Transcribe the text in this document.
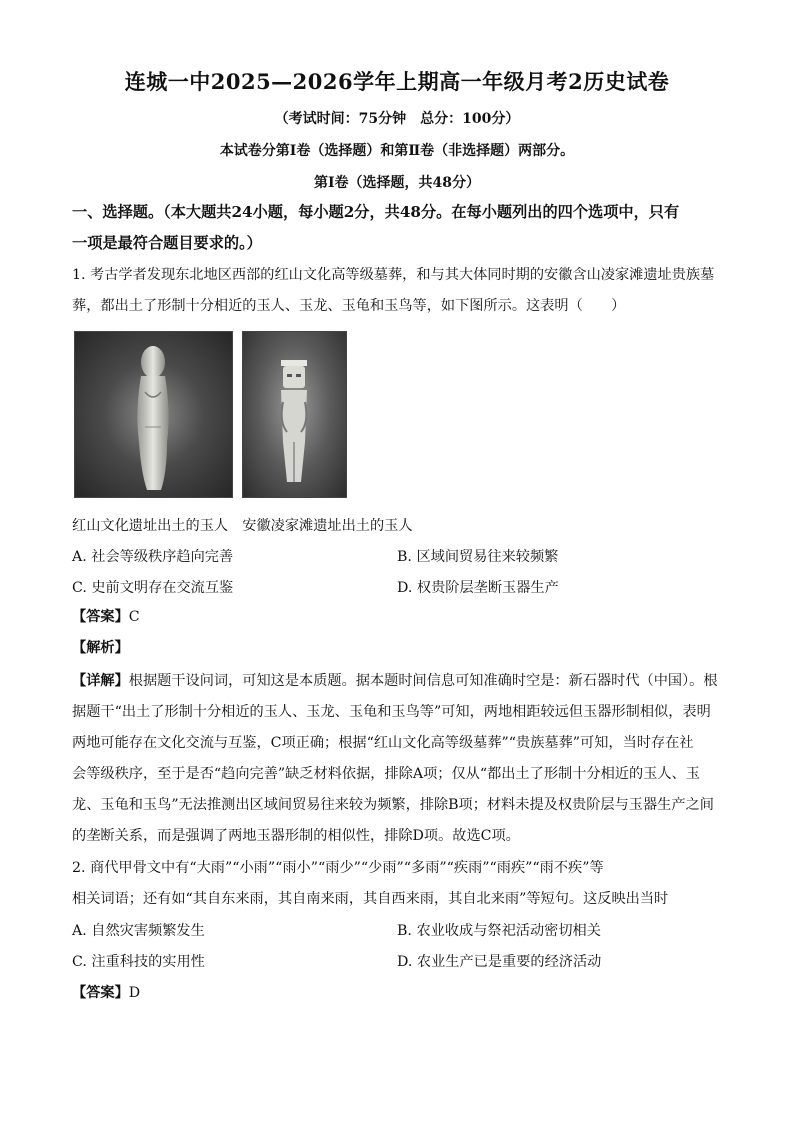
连城一中2025—2026学年上期高一年级月考2历史试卷
（考试时间：75分钟　总分：100分）
本试卷分第Ⅰ卷（选择题）和第Ⅱ卷（非选择题）两部分。
第Ⅰ卷（选择题，共48分）
一、选择题。（本大题共24小题，每小题2分，共48分。在每小题列出的四个选项中，只有
一项是最符合题目要求的。）
1. 考古学者发现东北地区西部的红山文化高等级墓葬，和与其大体同时期的安徽含山凌家滩遗址贵族墓
葬，都出土了形制十分相近的玉人、玉龙、玉龟和玉鸟等，如下图所示。这表明（　　）
红山文化遗址出土的玉人　安徽凌家滩遗址出土的玉人
A. 社会等级秩序趋向完善	B. 区域间贸易往来较频繁
C. 史前文明存在交流互鉴	D. 权贵阶层垄断玉器生产
【答案】C
【解析】
【详解】根据题干设问词，可知这是本质题。据本题时间信息可知准确时空是：新石器时代（中国）。根
据题干“出土了形制十分相近的玉人、玉龙、玉龟和玉鸟等”可知，两地相距较远但玉器形制相似，表明
两地可能存在文化交流与互鉴，C项正确；根据“红山文化高等级墓葬”“贵族墓葬”可知，当时存在社
会等级秩序，至于是否“趋向完善”缺乏材料依据，排除A项；仅从“都出土了形制十分相近的玉人、玉
龙、玉龟和玉鸟”无法推测出区域间贸易往来较为频繁，排除B项；材料未提及权贵阶层与玉器生产之间
的垄断关系，而是强调了两地玉器形制的相似性，排除D项。故选C项。
2. 商代甲骨文中有“大雨”“小雨”“雨小”“雨少”“少雨”“多雨”“疾雨”“雨疾”“雨不疾”等
相关词语；还有如“其自东来雨，其自南来雨，其自西来雨，其自北来雨”等短句。这反映出当时
A. 自然灾害频繁发生	B. 农业收成与祭祀活动密切相关
C. 注重科技的实用性	D. 农业生产已是重要的经济活动
【答案】D
